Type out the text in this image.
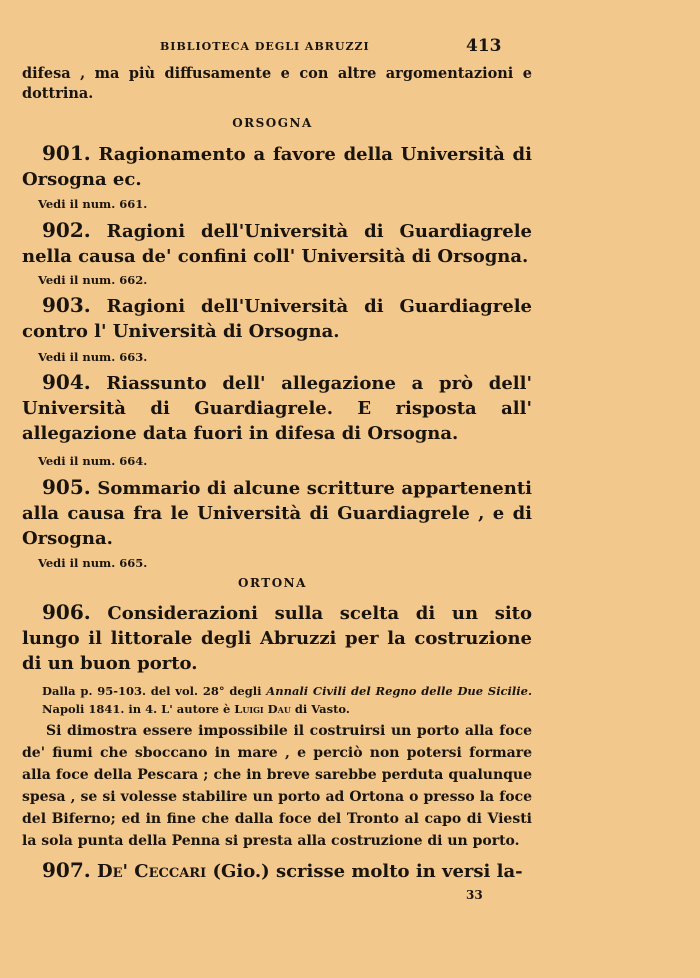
BIBLIOTECA DEGLI ABRUZZI	413

difesa , ma più diffusamente e con altre argomentazioni e dottrina.

ORSOGNA

901. Ragionamento a favore della Università di Orsogna ec.

Vedi il num. 661.

902. Ragioni dell'Università di Guardiagrele nella causa de' confini coll' Università di Orsogna.

Vedi il num. 662.

903. Ragioni dell'Università di Guardiagrele contro l' Università di Orsogna.

Vedi il num. 663.

904. Riassunto dell' allegazione a prò dell' Università di Guardiagrele. E risposta all' allegazione data fuori in difesa di Orsogna.

Vedi il num. 664.

905. Sommario di alcune scritture appartenenti alla causa fra le Università di Guardiagrele , e di Orsogna.

Vedi il num. 665.
ORTONA

906. Considerazioni sulla scelta di un sito lungo il littorale degli Abruzzi per la costruzione di un buon porto.

Dalla p. 95-103. del vol. 28° degli Annali Civili del Regno delle Due Sicilie. Napoli 1841. in 4. L' autore è Luigi Dau di Vasto.

Si dimostra essere impossibile il costruirsi un porto alla foce de' fiumi che sboccano in mare , e perciò non potersi formare alla foce della Pescara ; che in breve sarebbe perduta qualunque spesa , se si volesse stabilire un porto ad Ortona o presso la foce del Biferno; ed in fine che dalla foce del Tronto al capo di Viesti la sola punta della Penna si presta alla costruzione di un porto.

907. De' Ceccari (Gio.) scrisse molto in versi la-

33
